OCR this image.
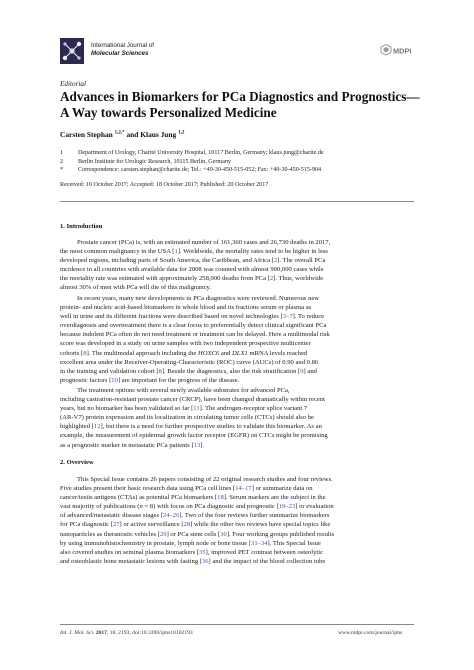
International Journal of
Molecular Sciences	MDPI
Editorial
Advances in Biomarkers for PCa Diagnostics and Prognostics—A Way towards Personalized Medicine
Carsten Stephan $^{1,2,*}$ and Klaus Jung $^{1,2}$
1	Department of Urology, Charité University Hospital, 10117 Berlin, Germany; klaus.jung@charite.de
2	Berlin Institute for Urologic Research, 10115 Berlin, Germany
*	Correspondence: carsten.stephan@charite.de; Tel.: +49-30-450-515-052; Fax: +49-30-450-515-904
Received: 10 October 2017; Accepted: 18 October 2017; Published: 20 October 2017
1. Introduction
Prostate cancer (PCa) is, with an estimated number of 161,360 cases and 26,730 deaths in 2017,
the most common malignancy in the USA [1]. Worldwide, the mortality rates tend to be higher in less
developed regions, including parts of South America, the Caribbean, and Africa [2]. The overall PCa
incidence in all countries with available data for 2008 was counted with almost 900,000 cases while
the mortality rate was estimated with approximately 258,000 deaths from PCa [2]. Thus, worldwide
almost 30% of men with PCa will die of this malignancy.
In recent years, many new developments in PCa diagnostics were reviewed. Numerous new
protein- and nucleic acid-based biomarkers in whole blood and its fractions serum or plasma as
well in urine and its different fractions were described based on novel technologies [3–7]. To reduce
overdiagnosis and overtreatment there is a clear focus to preferentially detect clinical significant PCa
because indolent PCa often do not need treatment or treatment can be delayed. Here a multimodal risk
score was developed in a study on urine samples with two independent prospective multicenter
cohorts [8]. The multimodal approach including the HOXC6 and DLX1 mRNA levels reached
excellent area under the Receiver-Operating-Characteristic (ROC) curve (AUCs) of 0.90 and 0.86
in the training and validation cohort [8]. Beside the diagnostics, also the risk stratification [9] and
prognostic factors [10] are important for the progress of the disease.
The treatment options with several newly available substrates for advanced PCa,
including castration-resistant prostate cancer (CRCP), have been changed dramatically within recent
years, but no biomarker has been validated so far [11]. The androgen-receptor splice variant 7
(AR-V7) protein expression and its localization in circulating tumor cells (CTCs) should also be
highlighted [12], but there is a need for further prospective studies to validate this biomarker. As an
example, the measurement of epidermal growth factor receptor (EGFR) on CTCs might be promising
as a prognostic marker in metastatic PCa patients [13].
2. Overview
This Special Issue contains 26 papers consisting of 22 original research studies and four reviews.
Five studies present their basic research data using PCa cell lines [14–17] or summarize data on
cancer/testis antigens (CTAs) as potential PCa biomarkers [18]. Serum markers are the subject in the
vast majority of publications (n = 8) with focus on PCa diagnostic and prognostic [19–23] or evaluation
of advanced/metastatic disease stages [24–26]. Two of the four reviews further summarize biomarkers
for PCa diagnostic [27] or active surveillance [28] while the other two reviews have special topics like
nanoparticles as theranostic vehicles [29] or PCa stem cells [30]. Four working groups published results
by using immunohistochemistry in prostate, lymph node or bone tissue [31–34]. This Special Issue
also covered studies on seminal plasma biomarkers [35], improved PET contrast between osteolytic
and osteoblastic bone metastatic lesions with fasting [36] and the impact of the blood collection tube
Int. J. Mol. Sci. 2017, 18, 2193; doi:10.3390/ijms18102193	www.mdpi.com/journal/ijms
